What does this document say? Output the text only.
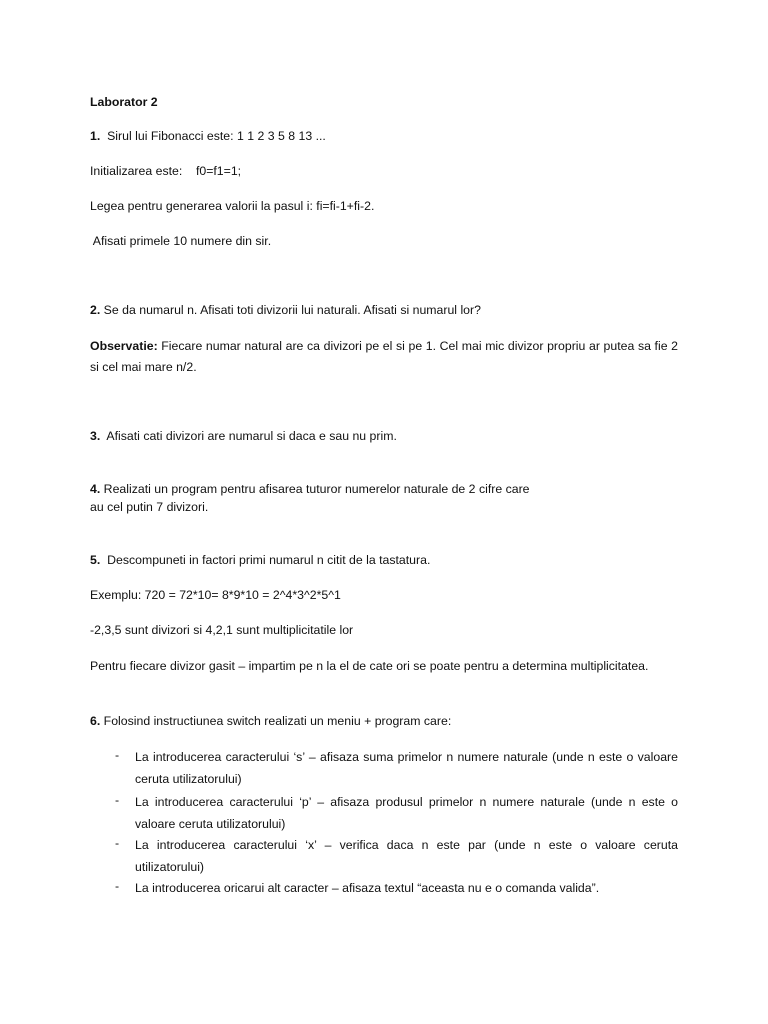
Laborator 2
1. Sirul lui Fibonacci este: 1 1 2 3 5 8 13 ...
Initializarea este:    f0=f1=1;
Legea pentru generarea valorii la pasul i: fi=fi-1+fi-2.
Afisati primele 10 numere din sir.
2. Se da numarul n. Afisati toti divizorii lui naturali. Afisati si numarul lor?
Observatie: Fiecare numar natural are ca divizori pe el si pe 1. Cel mai mic divizor propriu ar putea sa fie 2 si cel mai mare n/2.
3.  Afisati cati divizori are numarul si daca e sau nu prim.
4. Realizati un program pentru afisarea tuturor numerelor naturale de 2 cifre care
au cel putin 7 divizori.
5.  Descompuneti in factori primi numarul n citit de la tastatura.
Exemplu: 720 = 72*10= 8*9*10 = 2^4*3^2*5^1
-2,3,5 sunt divizori si 4,2,1 sunt multiplicitatile lor
Pentru fiecare divizor gasit – impartim pe n la el de cate ori se poate pentru a determina multiplicitatea.
6. Folosind instructiunea switch realizati un meniu + program care:
- La introducerea caracterului ‘s’ – afisaza suma primelor n numere naturale (unde n este o valoare ceruta utilizatorului)
- La introducerea caracterului ‘p’ – afisaza produsul primelor n numere naturale (unde n este o valoare ceruta utilizatorului)
- La introducerea caracterului ‘x’ – verifica daca n este par (unde n este o valoare ceruta utilizatorului)
- La introducerea oricarui alt caracter – afisaza textul “aceasta nu e o comanda valida”.
